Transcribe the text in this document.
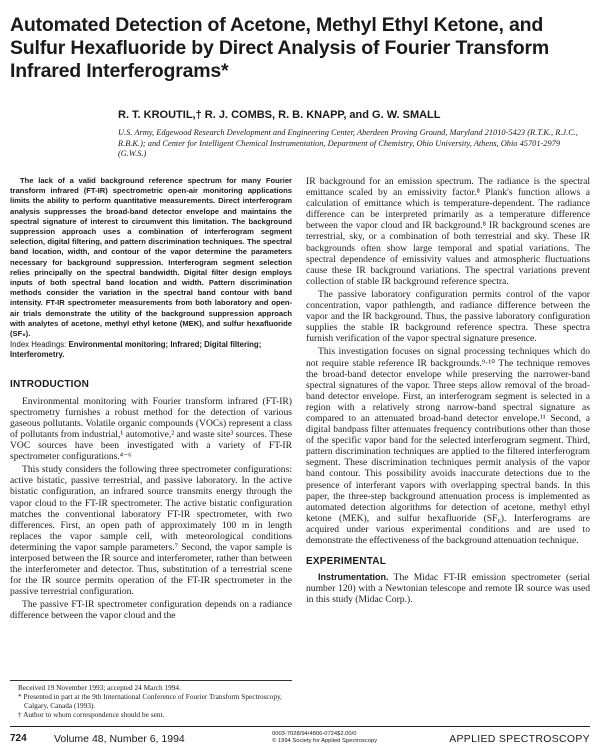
Automated Detection of Acetone, Methyl Ethyl Ketone, and Sulfur Hexafluoride by Direct Analysis of Fourier Transform Infrared Interferograms*
R. T. KROUTIL,† R. J. COMBS, R. B. KNAPP, and G. W. SMALL
U.S. Army, Edgewood Research Development and Engineering Center, Aberdeen Proving Ground, Maryland 21010-5423 (R.T.K., R.J.C., R.B.K.); and Center for Intelligent Chemical Instrumentation, Department of Chemistry, Ohio University, Athens, Ohio 45701-2979 (G.W.S.)

The lack of a valid background reference spectrum for many Fourier transform infrared (FT-IR) spectrometric open-air monitoring applications limits the ability to perform quantitative measurements. Direct interferogram analysis suppresses the broad-band detector envelope and maintains the spectral signature of interest to circumvent this limitation. The background suppression approach uses a combination of interferogram segment selection, digital filtering, and pattern discrimination techniques. The spectral band location, width, and contour of the vapor determine the parameters necessary for background suppression. Interferogram segment selection relies principally on the spectral bandwidth. Digital filter design employs inputs of both spectral band location and width. Pattern discrimination methods consider the variation in the spectral band contour with band intensity. FT-IR spectrometer measurements from both laboratory and open-air trials demonstrate the utility of the background suppression approach with analytes of acetone, methyl ethyl ketone (MEK), and sulfur hexafluoride (SF₆).

Index Headings: Environmental monitoring; Infrared; Digital filtering; Interferometry.

INTRODUCTION

Environmental monitoring with Fourier transform infrared (FT-IR) spectrometry furnishes a robust method for the detection of various gaseous pollutants. Volatile organic compounds (VOCs) represent a class of pollutants from industrial,¹ automotive,² and waste site³ sources. These VOC sources have been investigated with a variety of FT-IR spectrometer configurations.⁴⁻⁶

This study considers the following three spectrometer configurations: active bistatic, passive terrestrial, and passive laboratory. In the active bistatic configuration, an infrared source transmits energy through the vapor cloud to the FT-IR spectrometer. The active bistatic configuration matches the conventional laboratory FT-IR spectrometer, with two differences. First, an open path of approximately 100 m in length replaces the vapor sample cell, with meteorological conditions determining the vapor sample parameters.⁷ Second, the vapor sample is interposed between the IR source and interferometer, rather than between the interferometer and detector. Thus, substitution of a terrestrial scene for the IR source permits operation of the FT-IR spectrometer in the passive terrestrial configuration.

The passive FT-IR spectrometer configuration depends on a radiance difference between the vapor cloud and the

IR background for an emission spectrum. The radiance is the spectral emittance scaled by an emissivity factor.⁸ Plank's function allows a calculation of emittance which is temperature-dependent. The radiance difference can be interpreted primarily as a temperature difference between the vapor cloud and IR background.⁸ IR background scenes are terrestrial, sky, or a combination of both terrestrial and sky. These IR backgrounds often show large temporal and spatial variations. The spectral dependence of emissivity values and atmospheric fluctuations cause these IR background variations. The spectral variations prevent collection of stable IR background reference spectra.

The passive laboratory configuration permits control of the vapor concentration, vapor pathlength, and radiance difference between the vapor and the IR background. Thus, the passive laboratory configuration supplies the stable IR background reference spectra. These spectra furnish verification of the vapor spectral signature presence.

This investigation focuses on signal processing techniques which do not require stable reference IR backgrounds.⁹·¹⁰ The technique removes the broad-band detector envelope while preserving the narrower-band spectral signatures of the vapor. Three steps allow removal of the broad-band detector envelope. First, an interferogram segment is selected in a region with a relatively strong narrow-band spectral signature as compared to an attenuated broad-band detector envelope.¹¹ Second, a digital bandpass filter attenuates frequency contributions other than those of the specific vapor band for the selected interferogram segment. Third, pattern discrimination techniques are applied to the filtered interferogram segment. These discrimination techniques permit analysis of the vapor band contour. This possibility avoids inaccurate detections due to the presence of interferant vapors with overlapping spectral bands. In this paper, the three-step background attenuation process is implemented as automated detection algorithms for detection of acetone, methyl ethyl ketone (MEK), and sulfur hexafluoride (SF₆). Interferograms are acquired under various experimental conditions and are used to demonstrate the effectiveness of the background attenuation technique.

EXPERIMENTAL

Instrumentation. The Midac FT-IR emission spectrometer (serial number 120) with a Newtonian telescope and remote IR source was used in this study (Midac Corp.).

Received 19 November 1993; accepted 24 March 1994.
* Presented in part at the 9th International Conference of Fourier Transform Spectroscopy, Calgary, Canada (1993).
† Author to whom correspondence should be sent.
724	Volume 48, Number 6, 1994	0003-7028/94/4806-0724$2.00/0
© 1994 Society for Applied Spectroscopy	APPLIED SPECTROSCOPY
